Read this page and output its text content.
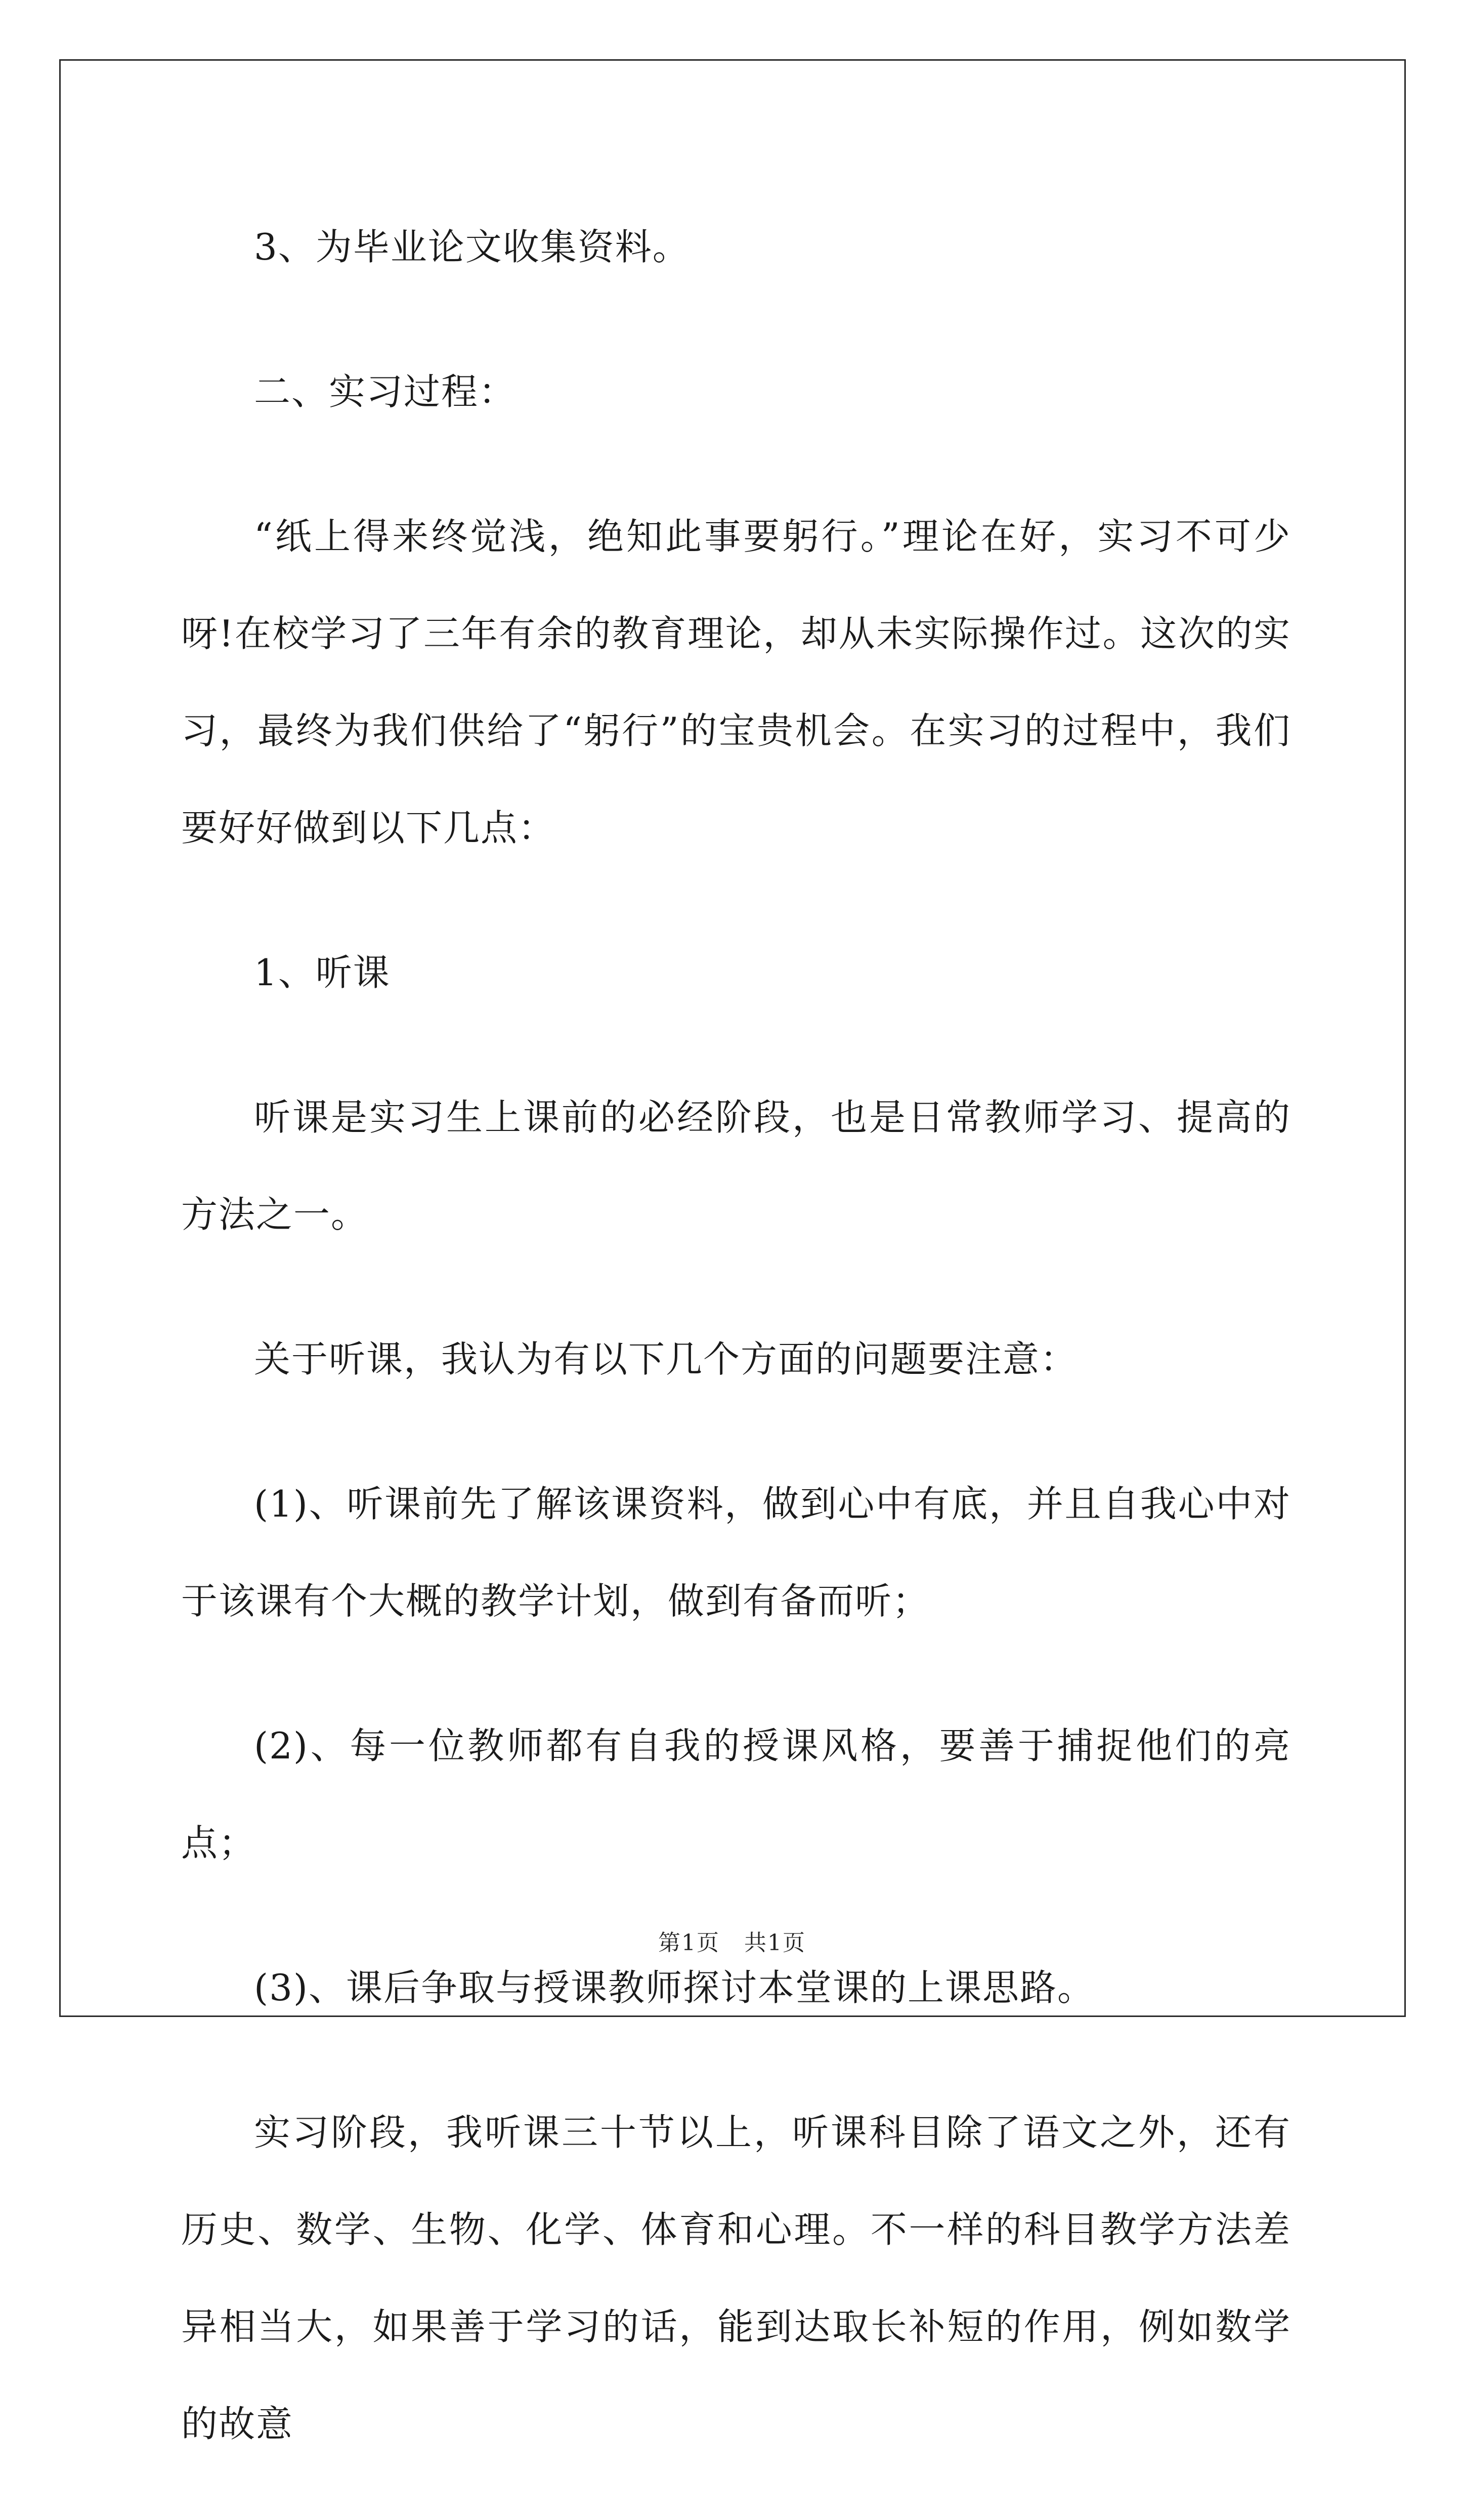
3、为毕业论文收集资料。

二、实习过程：

“纸上得来终觉浅，绝知此事要躬行。”理论在好，实习不可少呀!在校学习了三年有余的教育理论，却从未实际操作过。这次的实习，最终为我们供给了“躬行”的宝贵机会。在实习的过程中，我们要好好做到以下几点：

1、听课

听课是实习生上课前的必经阶段，也是日常教师学习、提高的方法之一。

关于听课，我认为有以下几个方面的问题要注意：

(1)、听课前先了解该课资料，做到心中有底，并且自我心中对于该课有个大概的教学计划，做到有备而听；

(2)、每一位教师都有自我的授课风格，要善于捕捉他们的亮点；

(3)、课后争取与授课教师探讨本堂课的上课思路。

实习阶段，我听课三十节以上，听课科目除了语文之外，还有历史、数学、生物、化学、体育和心理。不一样的科目教学方法差异相当大，如果善于学习的话，能到达取长补短的作用，例如数学的故意

第1页 共1页
